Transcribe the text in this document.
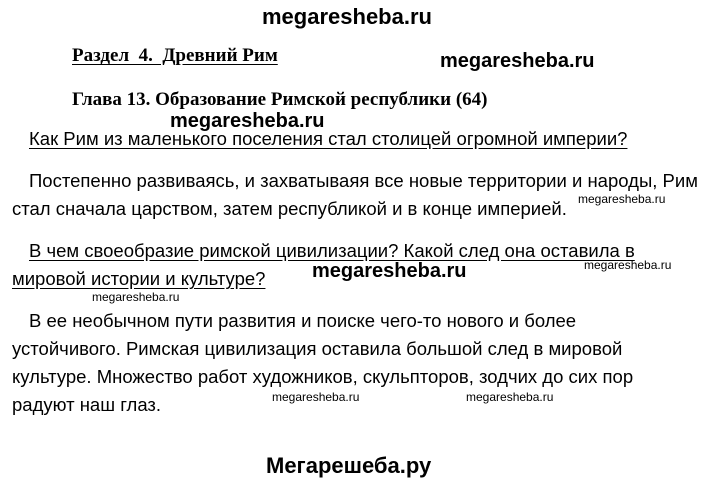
megaresheba.ru
megaresheba.ru
megaresheba.ru
megaresheba.ru
megaresheba.ru
megaresheba.ru
megaresheba.ru
megaresheba.ru	megaresheba.ru
Раздел  4.  Древний Рим
Глава 13. Образование Римской республики (64)
Как Рим из маленького поселения стал столицей огромной империи?
Постепенно развиваясь, и захватываяя все новые территории и народы, Рим
стал сначала царством, затем республикой и в конце империей.
В чем своеобразие римской цивилизации? Какой след она оставила в
мировой истории и культуре?
В ее необычном пути развития и поиске чего-то нового и более
устойчивого. Римская цивилизация оставила большой след в мировой
культуре. Множество работ художников, скульпторов, зодчих до сих пор
радуют наш глаз.
Мегарешеба.ру
